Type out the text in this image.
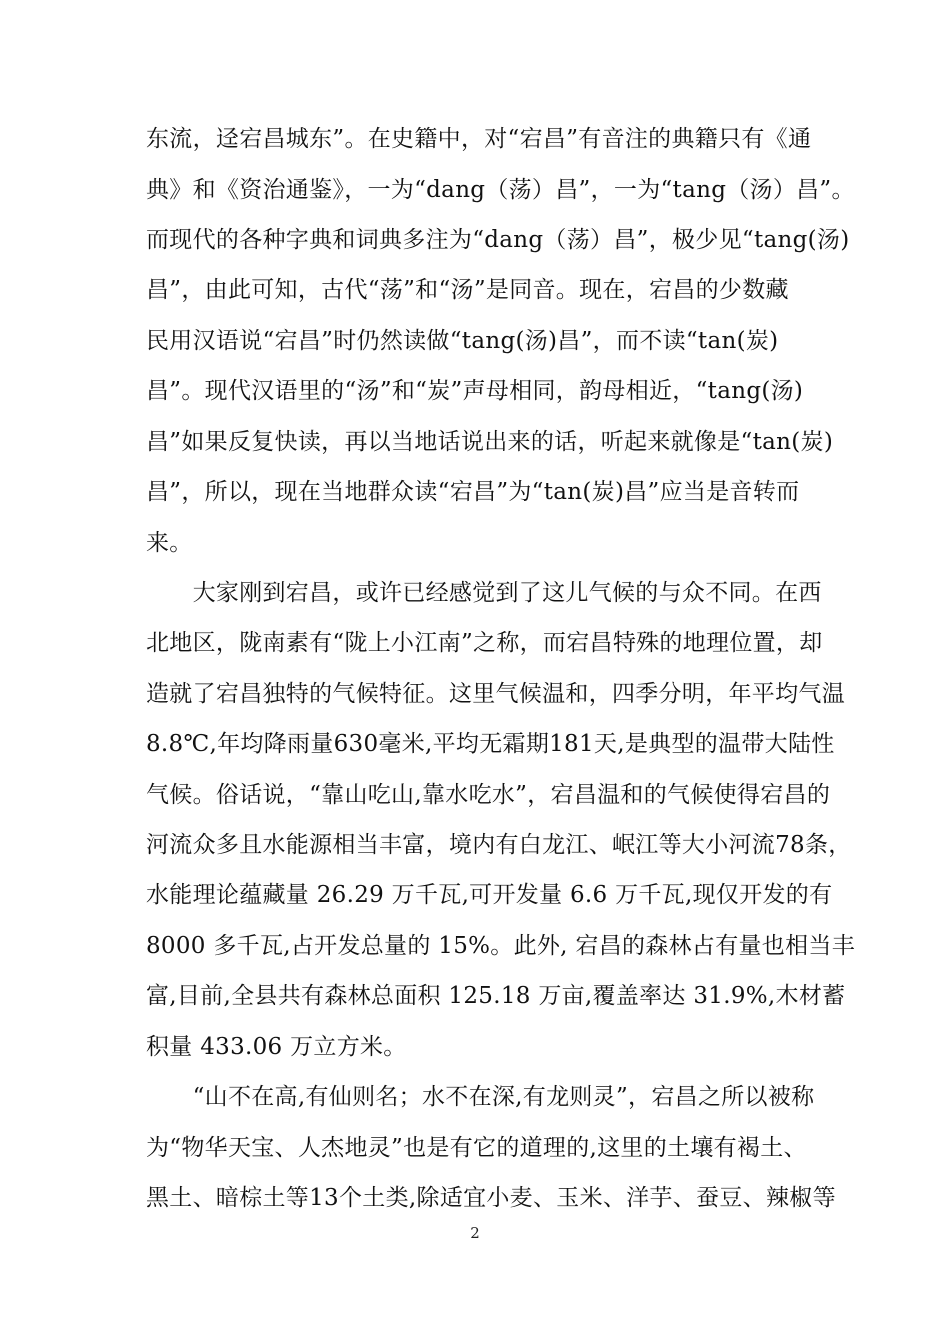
东流，迳宕昌城东”。在史籍中，对“宕昌”有音注的典籍只有《通
典》和《资治通鉴》，一为“dang（荡）昌”，一为“tang（汤）昌”。
而现代的各种字典和词典多注为“dang（荡）昌”，极少见“tang(汤)
昌”，由此可知，古代“荡”和“汤”是同音。现在，宕昌的少数藏
民用汉语说“宕昌”时仍然读做“tang(汤)昌”，而不读“tan(炭)
昌”。现代汉语里的“汤”和“炭”声母相同，韵母相近，“tang(汤)
昌”如果反复快读，再以当地话说出来的话，听起来就像是“tan(炭)
昌”，所以，现在当地群众读“宕昌”为“tan(炭)昌”应当是音转而
来。
　　大家刚到宕昌，或许已经感觉到了这儿气候的与众不同。在西
北地区，陇南素有“陇上小江南”之称，而宕昌特殊的地理位置，却
造就了宕昌独特的气候特征。这里气候温和，四季分明，年平均气温
8.8℃,年均降雨量630毫米,平均无霜期181天,是典型的温带大陆性
气候。俗话说，“靠山吃山,靠水吃水”，宕昌温和的气候使得宕昌的
河流众多且水能源相当丰富，境内有白龙江、岷江等大小河流78条，
水能理论蕴藏量 26.29 万千瓦,可开发量 6.6 万千瓦,现仅开发的有
8000 多千瓦,占开发总量的 15%。此外, 宕昌的森林占有量也相当丰
富,目前,全县共有森林总面积 125.18 万亩,覆盖率达 31.9%,木材蓄
积量 433.06 万立方米。
　　“山不在高,有仙则名；水不在深,有龙则灵”，宕昌之所以被称
为“物华天宝、人杰地灵”也是有它的道理的,这里的土壤有褐土、
黑土、暗棕土等13个土类,除适宜小麦、玉米、洋芋、蚕豆、辣椒等
2
